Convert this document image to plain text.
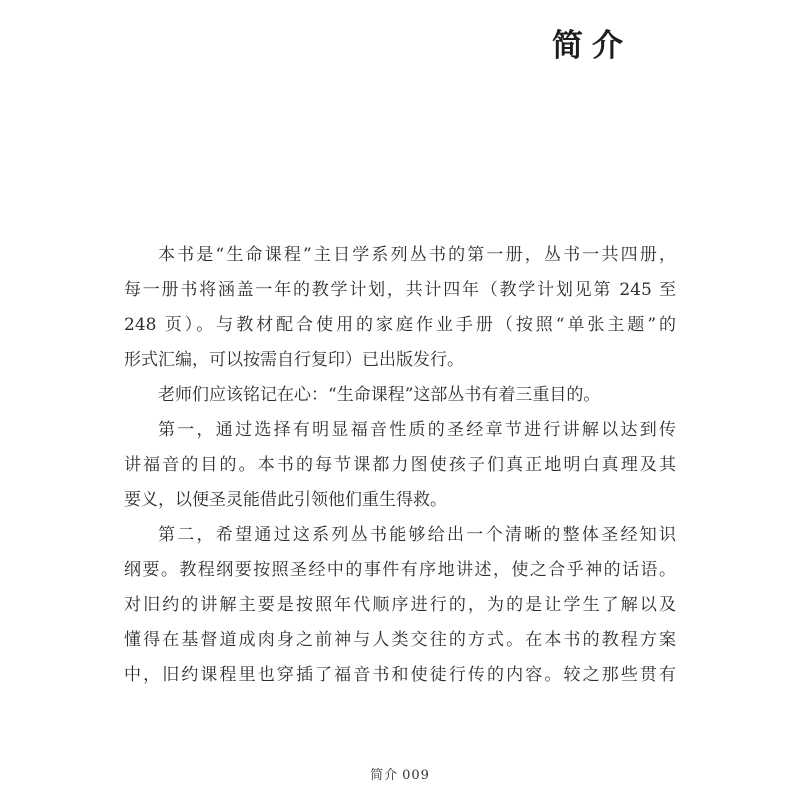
简介

本书是“生命课程”主日学系列丛书的第一册，丛书一共四册，
每一册书将涵盖一年的教学计划，共计四年（教学计划见第 245 至
248 页）。与教材配合使用的家庭作业手册（按照“单张主题”的
形式汇编，可以按需自行复印）已出版发行。

老师们应该铭记在心：“生命课程”这部丛书有着三重目的。

第一，通过选择有明显福音性质的圣经章节进行讲解以达到传
讲福音的目的。本书的每节课都力图使孩子们真正地明白真理及其
要义，以便圣灵能借此引领他们重生得救。

第二，希望通过这系列丛书能够给出一个清晰的整体圣经知识
纲要。教程纲要按照圣经中的事件有序地讲述，使之合乎神的话语。
对旧约的讲解主要是按照年代顺序进行的，为的是让学生了解以及
懂得在基督道成肉身之前神与人类交往的方式。在本书的教程方案
中，旧约课程里也穿插了福音书和使徒行传的内容。较之那些贯有

简介 009
